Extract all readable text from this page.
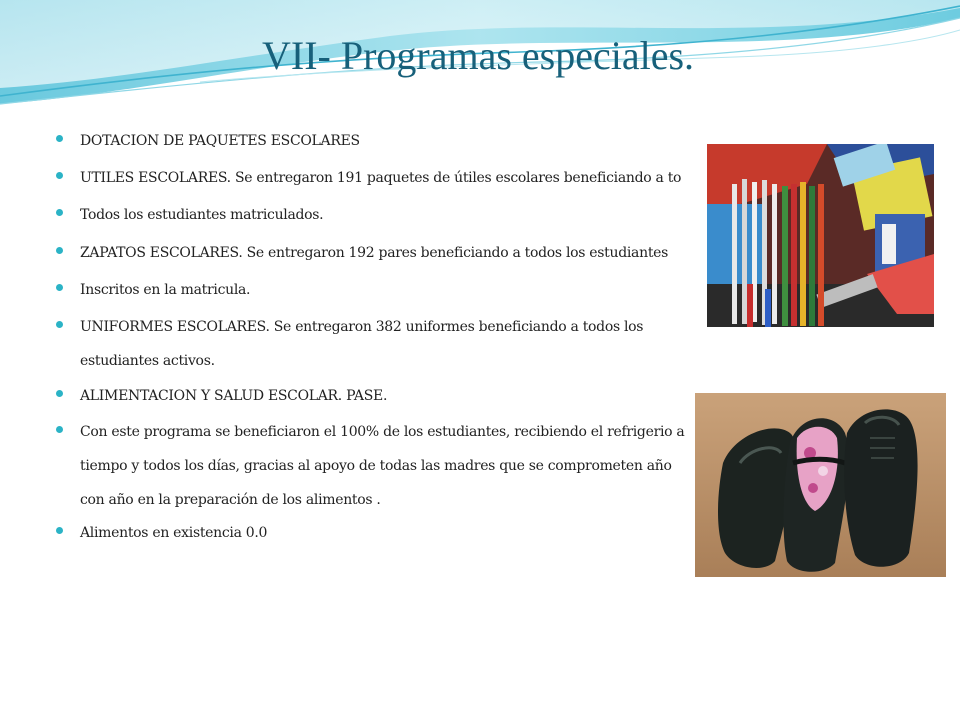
VII- Programas especiales.
DOTACION DE PAQUETES ESCOLARES
UTILES ESCOLARES. Se entregaron 191 paquetes de útiles escolares beneficiando a to
Todos los estudiantes matriculados.
ZAPATOS ESCOLARES. Se entregaron 192 pares beneficiando a todos los estudiantes
Inscritos en la matricula.
UNIFORMES ESCOLARES. Se entregaron 382 uniformes beneficiando a todos los estudiantes activos.
ALIMENTACION Y SALUD ESCOLAR. PASE.
Con este programa se beneficiaron el 100% de los estudiantes, recibiendo el refrigerio a tiempo y todos los días, gracias al apoyo de todas las madres que se comprometen año con año en la preparación de los alimentos .
Alimentos en existencia 0.0
